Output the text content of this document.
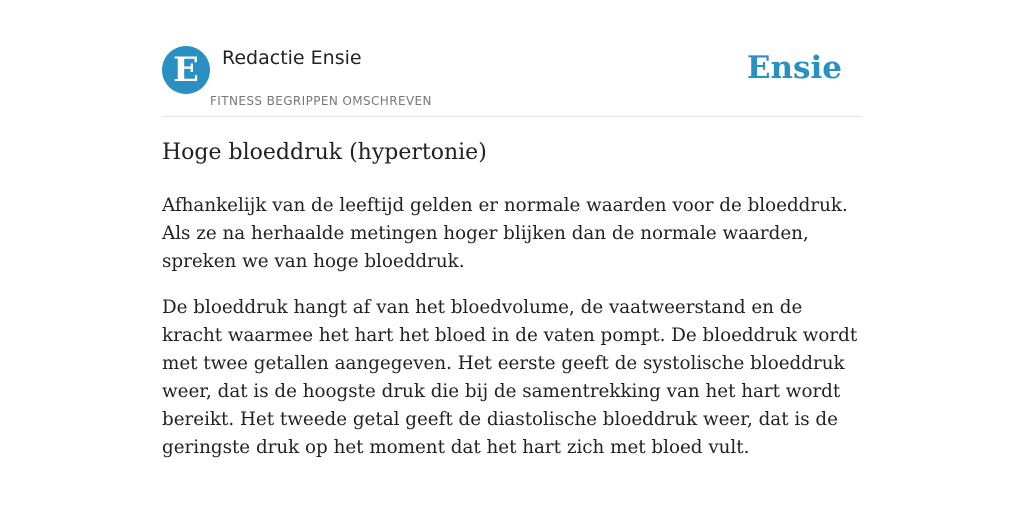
E	Redactie Ensie
FITNESS BEGRIPPEN OMSCHREVEN
Ensie
Hoge bloeddruk (hypertonie)

Afhankelijk van de leeftijd gelden er normale waarden voor de bloeddruk. Als ze na herhaalde metingen hoger blijken dan de normale waarden, spreken we van hoge bloeddruk.

De bloeddruk hangt af van het bloedvolume, de vaatweerstand en de kracht waarmee het hart het bloed in de vaten pompt. De bloeddruk wordt met twee getallen aangegeven. Het eerste geeft de systolische bloeddruk weer, dat is de hoogste druk die bij de samentrekking van het hart wordt bereikt. Het tweede getal geeft de diastolische bloeddruk weer, dat is de geringste druk op het moment dat het hart zich met bloed vult.
